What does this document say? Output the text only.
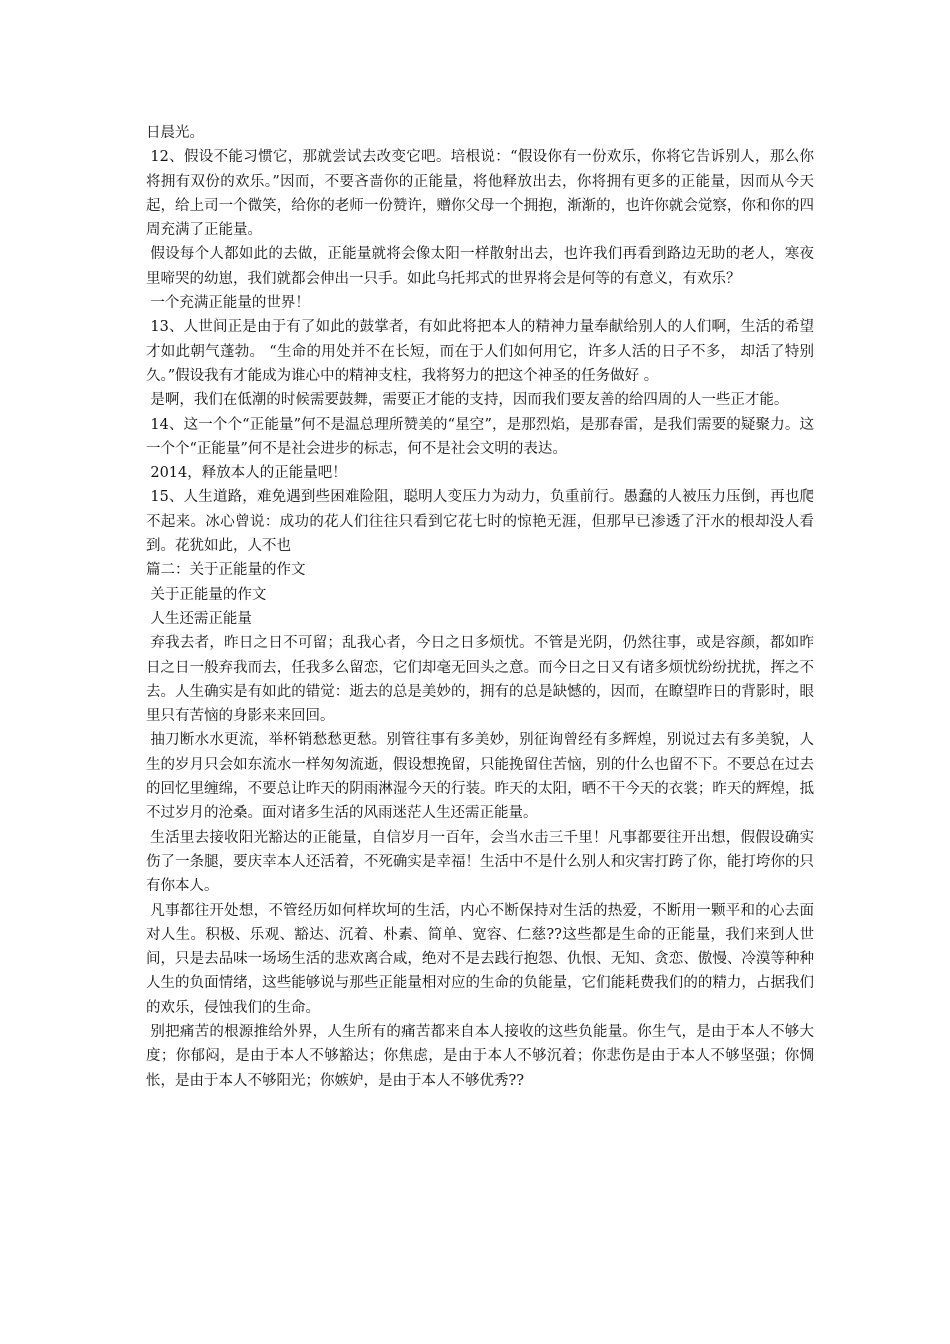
日晨光。

12、假设不能习惯它，那就尝试去改变它吧。培根说：“假设你有一份欢乐，你将它告诉别人，那么你将拥有双份的欢乐。”因而，不要吝啬你的正能量，将他释放出去，你将拥有更多的正能量，因而从今天起，给上司一个微笑，给你的老师一份赞许，赠你父母一个拥抱，渐渐的，也许你就会觉察，你和你的四周充满了正能量。

假设每个人都如此的去做，正能量就将会像太阳一样散射出去，也许我们再看到路边无助的老人，寒夜里啼哭的幼崽，我们就都会伸出一只手。如此乌托邦式的世界将会是何等的有意义，有欢乐？

一个充满正能量的世界！

13、人世间正是由于有了如此的鼓掌者，有如此将把本人的精神力量奉献给别人的人们啊，生活的希望才如此朝气蓬勃。 “生命的用处并不在长短，而在于人们如何用它，许多人活的日子不多， 却活了特别久。”假设我有才能成为谁心中的精神支柱，我将努力的把这个神圣的任务做好 。

是啊，我们在低潮的时候需要鼓舞，需要正才能的支持，因而我们要友善的给四周的人一些正才能。

14、这一个个“正能量”何不是温总理所赞美的“星空”，是那烈焰，是那春雷，是我们需要的疑聚力。这一个个“正能量”何不是社会进步的标志，何不是社会文明的表达。

2014，释放本人的正能量吧！

15、人生道路，难免遇到些困难险阻，聪明人变压力为动力，负重前行。愚蠢的人被压力压倒，再也爬不起来。冰心曾说：成功的花人们往往只看到它花七时的惊艳无涯，但那早已渗透了汗水的根却没人看到。花犹如此，人不也

篇二：关于正能量的作文

关于正能量的作文

人生还需正能量

弃我去者，昨日之日不可留；乱我心者，今日之日多烦忧。不管是光阴，仍然往事，或是容颜，都如昨日之日一般弃我而去，任我多么留恋，它们却毫无回头之意。而今日之日又有诸多烦忧纷纷扰扰，挥之不去。人生确实是有如此的错觉：逝去的总是美妙的，拥有的总是缺憾的，因而，在瞭望昨日的背影时，眼里只有苦恼的身影来来回回。

抽刀断水水更流，举杯销愁愁更愁。别管往事有多美妙，别征询曾经有多辉煌，别说过去有多美貌，人生的岁月只会如东流水一样匆匆流逝，假设想挽留，只能挽留住苦恼，别的什么也留不下。不要总在过去的回忆里缠绵，不要总让昨天的阴雨淋湿今天的行装。昨天的太阳，晒不干今天的衣裳；昨天的辉煌，抵不过岁月的沧桑。面对诸多生活的风雨迷茫人生还需正能量。

生活里去接收阳光豁达的正能量，自信岁月一百年，会当水击三千里！凡事都要往开出想，假假设确实伤了一条腿，要庆幸本人还活着，不死确实是幸福！生活中不是什么别人和灾害打跨了你，能打垮你的只有你本人。

凡事都往开处想，不管经历如何样坎坷的生活，内心不断保持对生活的热爱，不断用一颗平和的心去面对人生。积极、乐观、豁达、沉着、朴素、简单、宽容、仁慈??这些都是生命的正能量，我们来到人世间，只是去品味一场场生活的悲欢离合咸，绝对不是去践行抱怨、仇恨、无知、贪恋、傲慢、冷漠等种种人生的负面情绪，这些能够说与那些正能量相对应的生命的负能量，它们能耗费我们的的精力，占据我们的欢乐，侵蚀我们的生命。

别把痛苦的根源推给外界，人生所有的痛苦都来自本人接收的这些负能量。你生气，是由于本人不够大度；你郁闷，是由于本人不够豁达；你焦虑，是由于本人不够沉着；你悲伤是由于本人不够坚强；你惆怅，是由于本人不够阳光；你嫉妒，是由于本人不够优秀??
